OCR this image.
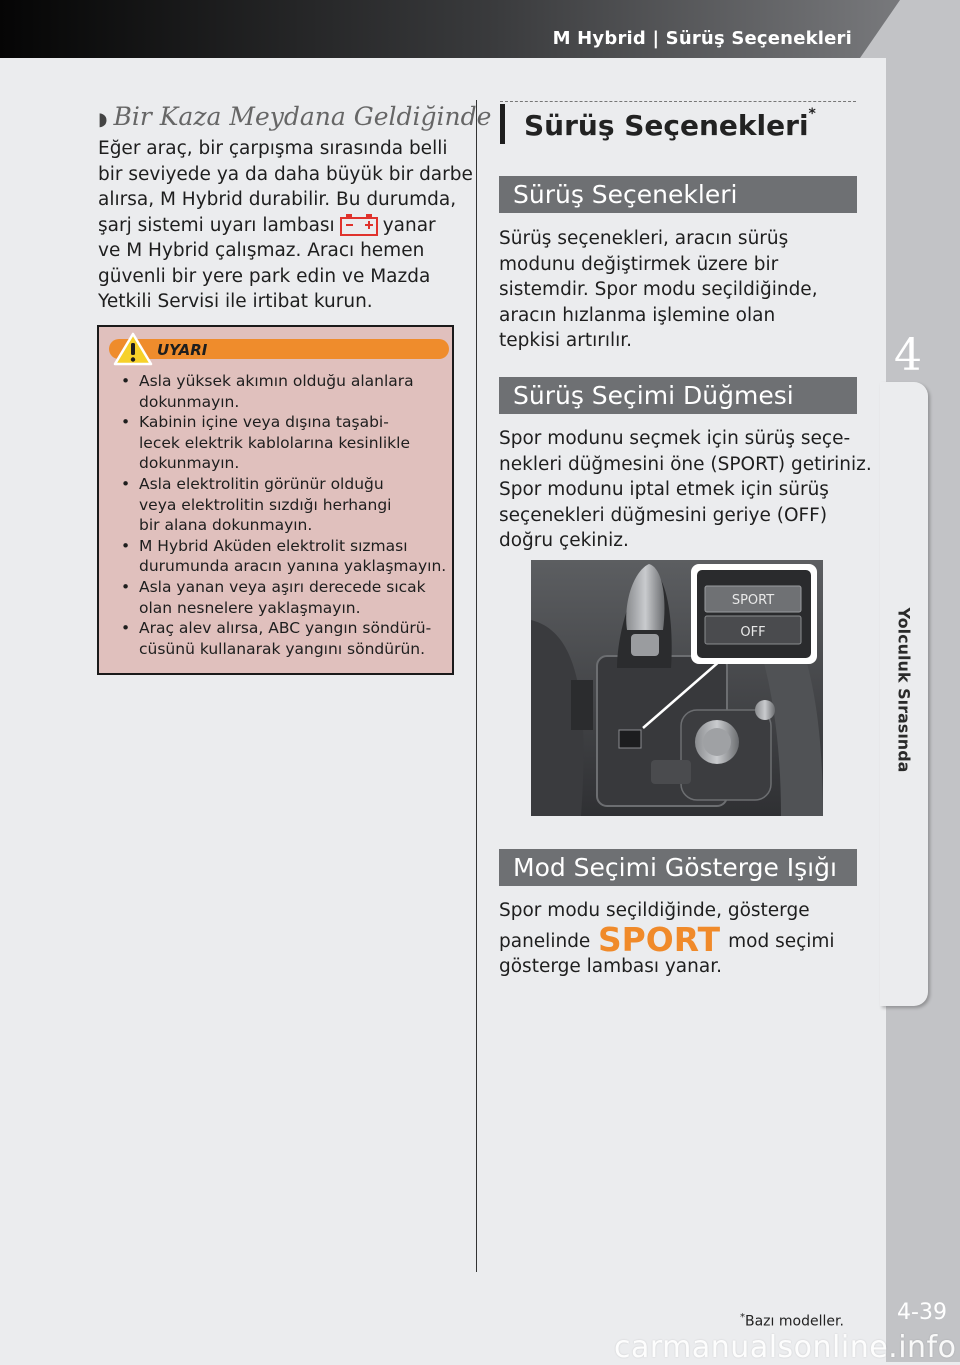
M Hybrid | Sürüş Seçenekleri
4
Yolculuk Sırasında
4-39
◗ Bir Kaza Meydana Geldiğinde
Eğer araç, bir çarpışma sırasında belli
bir seviyede ya da daha büyük bir darbe
alırsa, M Hybrid durabilir. Bu durumda,
şarj sistemi uyarı lambası	yanar
ve M Hybrid çalışmaz. Aracı hemen
güvenli bir yere park edin ve Mazda
Yetkili Servisi ile irtibat kurun.
UYARI
• Asla yüksek akımın olduğu alanlara
dokunmayın.
• Kabinin içine veya dışına taşabi-
lecek elektrik kablolarına kesinlikle
dokunmayın.
• Asla elektrolitin görünür olduğu
veya elektrolitin sızdığı herhangi
bir alana dokunmayın.
• M Hybrid Aküden elektrolit sızması
durumunda aracın yanına yaklaşmayın.
• Asla yanan veya aşırı derecede sıcak
olan nesnelere yaklaşmayın.
• Araç alev alırsa, ABC yangın söndürü-
cüsünü kullanarak yangını söndürün.
Sürüş Seçenekleri*
Sürüş Seçenekleri
Sürüş seçenekleri, aracın sürüş
modunu değiştirmek üzere bir
sistemdir. Spor modu seçildiğinde,
aracın hızlanma işlemine olan
tepkisi artırılır.
Sürüş Seçimi Düğmesi
Spor modunu seçmek için sürüş seçe-
nekleri düğmesini öne (SPORT) getiriniz.
Spor modunu iptal etmek için sürüş
seçenekleri düğmesini geriye (OFF)
doğru çekiniz.
SPORT
OFF
Mod Seçimi Gösterge Işığı
Spor modu seçildiğinde, gösterge
panelinde SPORT mod seçimi
gösterge lambası yanar.
*Bazı modeller.
carmanualsonline.info
